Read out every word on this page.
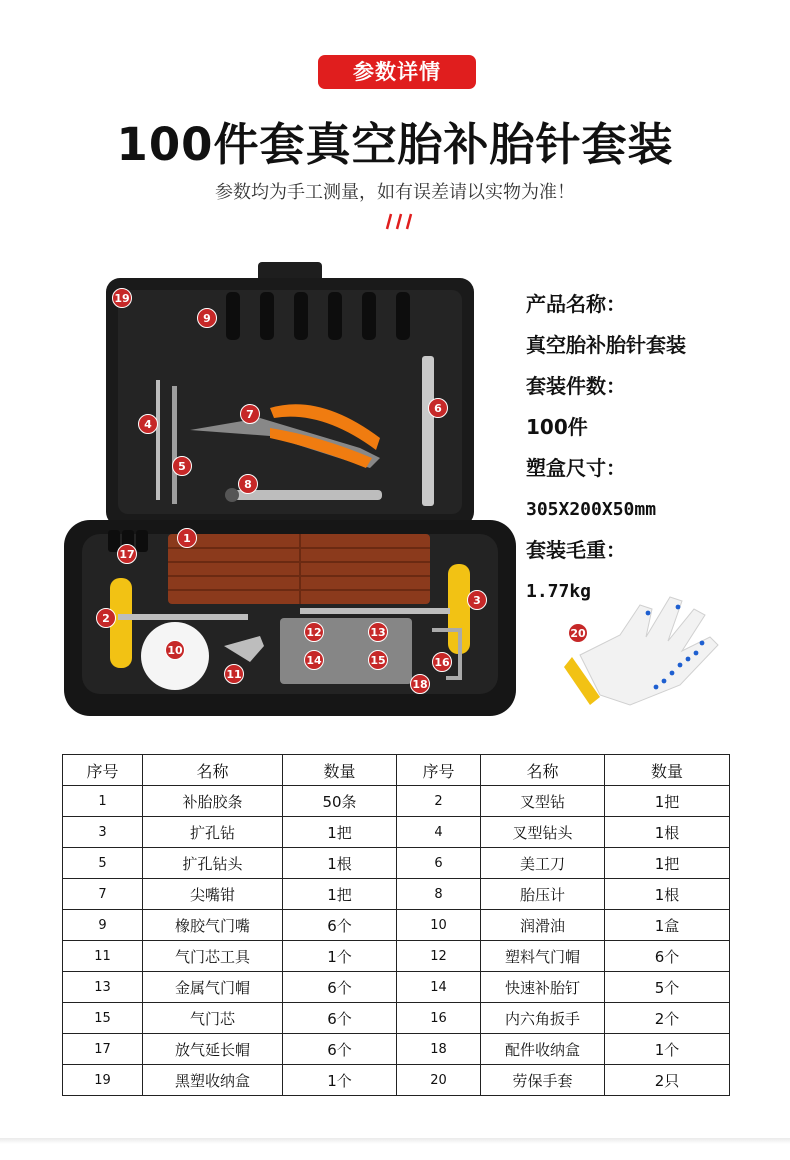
参数详情
100件套真空胎补胎针套装
参数均为手工测量，如有误差请以实物为准！
1
2
3
4
5
6
7
8
9
10
11
12	13
14	15	16
17
18
19	产品名称：
真空胎补胎针套装
套装件数：
100件
塑盒尺寸：
305X200X50mm
套装毛重：
1.77kg
20
序号	名称	数量	序号	名称	数量
1	补胎胶条	50条	2	叉型钻	1把
3	扩孔钻	1把	4	叉型钻头	1根
5	扩孔钻头	1根	6	美工刀	1把
7	尖嘴钳	1把	8	胎压计	1根
9	橡胶气门嘴	6个	10	润滑油	1盒
11	气门芯工具	1个	12	塑料气门帽	6个
13	金属气门帽	6个	14	快速补胎钉	5个
15	气门芯	6个	16	内六角扳手	2个
17	放气延长帽	6个	18	配件收纳盒	1个
19	黑塑收纳盒	1个	20	劳保手套	2只
